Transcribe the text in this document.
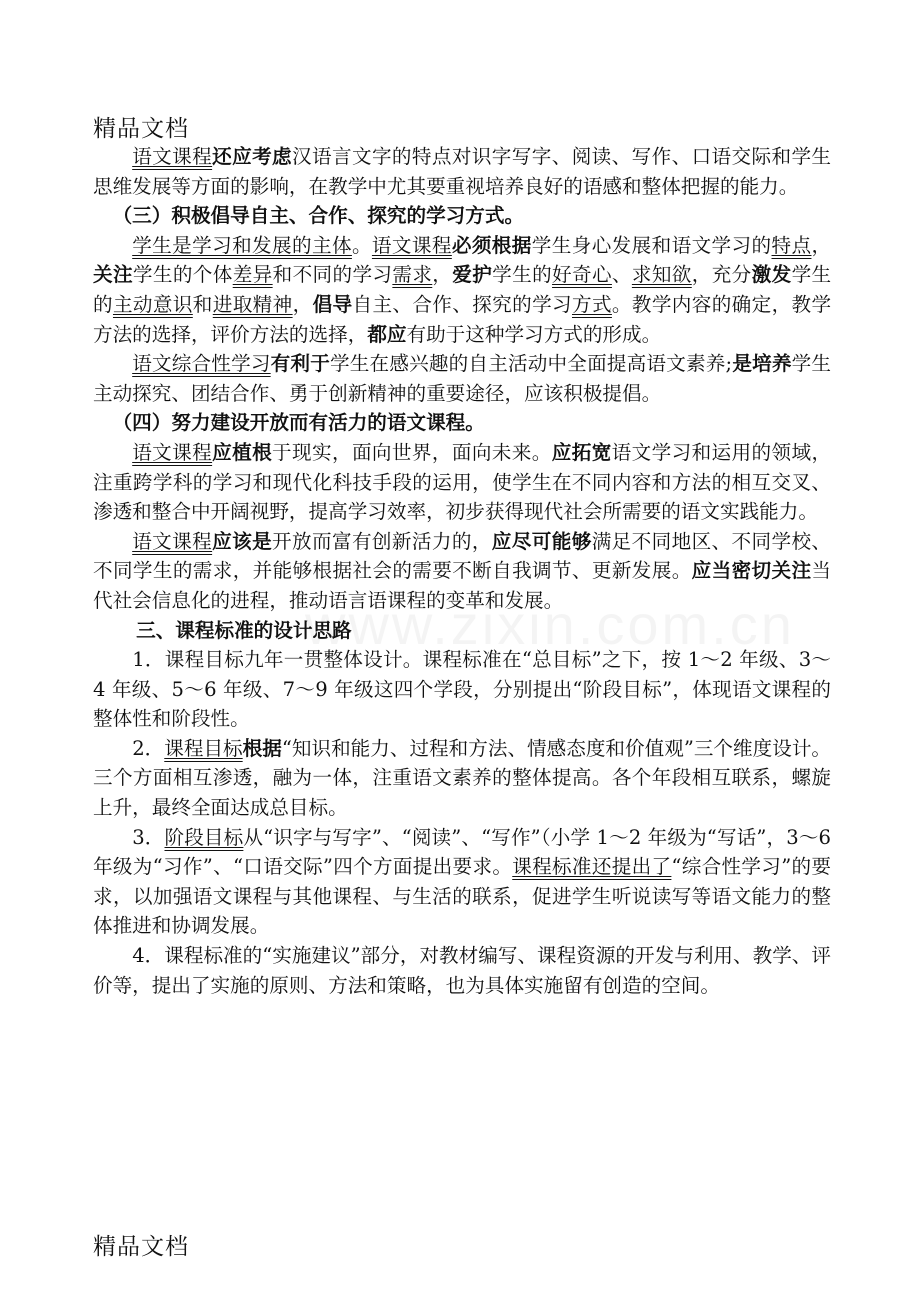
精品文档

语文课程还应考虑汉语言文字的特点对识字写字、阅读、写作、口语交际和学生思维发展等方面的影响，在教学中尤其要重视培养良好的语感和整体把握的能力。

（三）积极倡导自主、合作、探究的学习方式。

学生是学习和发展的主体。语文课程必须根据学生身心发展和语文学习的特点，关注学生的个体差异和不同的学习需求，爱护学生的好奇心、求知欲，充分激发学生的主动意识和进取精神，倡导自主、合作、探究的学习方式。教学内容的确定，教学方法的选择，评价方法的选择，都应有助于这种学习方式的形成。

语文综合性学习有利于学生在感兴趣的自主活动中全面提高语文素养;是培养学生主动探究、团结合作、勇于创新精神的重要途径，应该积极提倡。

（四）努力建设开放而有活力的语文课程。

语文课程应植根于现实，面向世界，面向未来。应拓宽语文学习和运用的领域，注重跨学科的学习和现代化科技手段的运用，使学生在不同内容和方法的相互交叉、渗透和整合中开阔视野，提高学习效率，初步获得现代社会所需要的语文实践能力。

语文课程应该是开放而富有创新活力的，应尽可能够满足不同地区、不同学校、不同学生的需求，并能够根据社会的需要不断自我调节、更新发展。应当密切关注当代社会信息化的进程，推动语言语课程的变革和发展。

三、课程标准的设计思路

1．课程目标九年一贯整体设计。课程标准在“总目标”之下，按 1～2 年级、3～4 年级、5～6 年级、7～9 年级这四个学段，分别提出“阶段目标”，体现语文课程的整体性和阶段性。

2．课程目标根据“知识和能力、过程和方法、情感态度和价值观”三个维度设计。三个方面相互渗透，融为一体，注重语文素养的整体提高。各个年段相互联系，螺旋上升，最终全面达成总目标。

3．阶段目标从“识字与写字”、“阅读”、“写作”（小学 1～2 年级为“写话”，3～6 年级为“习作”、“口语交际”四个方面提出要求。课程标准还提出了“综合性学习”的要求，以加强语文课程与其他课程、与生活的联系，促进学生听说读写等语文能力的整体推进和协调发展。

4．课程标准的“实施建议”部分，对教材编写、课程资源的开发与利用、教学、评价等，提出了实施的原则、方法和策略，也为具体实施留有创造的空间。

精品文档
